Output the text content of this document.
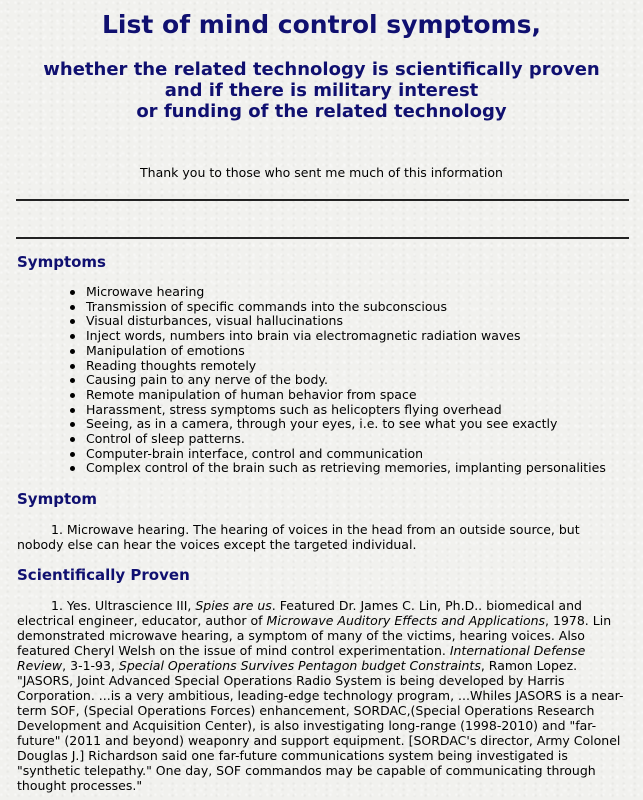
List of mind control symptoms,
whether the related technology is scientifically proven
and if there is military interest
or funding of the related technology

Thank you to those who sent me much of this information

Symptoms
Microwave hearing
Transmission of specific commands into the subconscious
Visual disturbances, visual hallucinations
Inject words, numbers into brain via electromagnetic radiation waves
Manipulation of emotions
Reading thoughts remotely
Causing pain to any nerve of the body.
Remote manipulation of human behavior from space
Harassment, stress symptoms such as helicopters flying overhead
Seeing, as in a camera, through your eyes, i.e. to see what you see exactly
Control of sleep patterns.
Computer-brain interface, control and communication
Complex control of the brain such as retrieving memories, implanting personalities
Symptom

1. Microwave hearing. The hearing of voices in the head from an outside source, but nobody else can hear the voices except the targeted individual.

Scientifically Proven

1. Yes. Ultrascience III, Spies are us. Featured Dr. James C. Lin, Ph.D.. biomedical and electrical engineer, educator, author of Microwave Auditory Effects and Applications, 1978. Lin demonstrated microwave hearing, a symptom of many of the victims, hearing voices. Also featured Cheryl Welsh on the issue of mind control experimentation. International Defense Review, 3-1-93, Special Operations Survives Pentagon budget Constraints, Ramon Lopez. "JASORS, Joint Advanced Special Operations Radio System is being developed by Harris Corporation. ...is a very ambitious, leading-edge technology program, ...Whiles JASORS is a near-term SOF, (Special Operations Forces) enhancement, SORDAC,(Special Operations Research Development and Acquisition Center), is also investigating long-range (1998-2010) and "far-future" (2011 and beyond) weaponry and support equipment. [SORDAC's director, Army Colonel Douglas J.] Richardson said one far-future communications system being investigated is "synthetic telepathy." One day, SOF commandos may be capable of communicating through thought processes."
